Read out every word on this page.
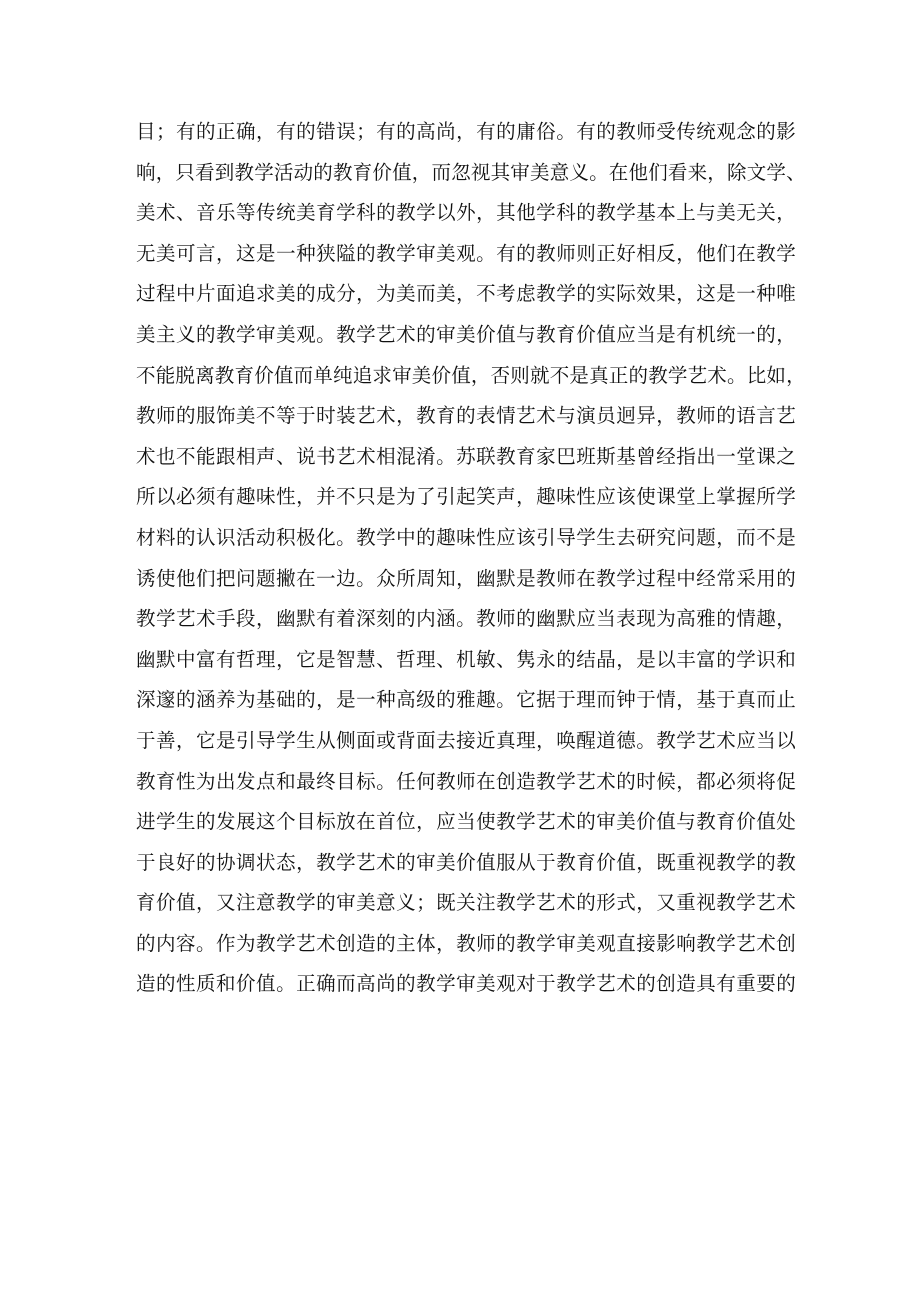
目；有的正确，有的错误；有的高尚，有的庸俗。有的教师受传统观念的影
响，只看到教学活动的教育价值，而忽视其审美意义。在他们看来，除文学、
美术、音乐等传统美育学科的教学以外，其他学科的教学基本上与美无关，
无美可言，这是一种狭隘的教学审美观。有的教师则正好相反，他们在教学
过程中片面追求美的成分，为美而美，不考虑教学的实际效果，这是一种唯
美主义的教学审美观。教学艺术的审美价值与教育价值应当是有机统一的，
不能脱离教育价值而单纯追求审美价值，否则就不是真正的教学艺术。比如，
教师的服饰美不等于时装艺术，教育的表情艺术与演员迥异，教师的语言艺
术也不能跟相声、说书艺术相混淆。苏联教育家巴班斯基曾经指出一堂课之
所以必须有趣味性，并不只是为了引起笑声，趣味性应该使课堂上掌握所学
材料的认识活动积极化。教学中的趣味性应该引导学生去研究问题，而不是
诱使他们把问题撇在一边。众所周知，幽默是教师在教学过程中经常采用的
教学艺术手段，幽默有着深刻的内涵。教师的幽默应当表现为高雅的情趣，
幽默中富有哲理，它是智慧、哲理、机敏、隽永的结晶，是以丰富的学识和
深邃的涵养为基础的，是一种高级的雅趣。它据于理而钟于情，基于真而止
于善，它是引导学生从侧面或背面去接近真理，唤醒道德。教学艺术应当以
教育性为出发点和最终目标。任何教师在创造教学艺术的时候，都必须将促
进学生的发展这个目标放在首位，应当使教学艺术的审美价值与教育价值处
于良好的协调状态，教学艺术的审美价值服从于教育价值，既重视教学的教
育价值，又注意教学的审美意义；既关注教学艺术的形式，又重视教学艺术
的内容。作为教学艺术创造的主体，教师的教学审美观直接影响教学艺术创
造的性质和价值。正确而高尚的教学审美观对于教学艺术的创造具有重要的
